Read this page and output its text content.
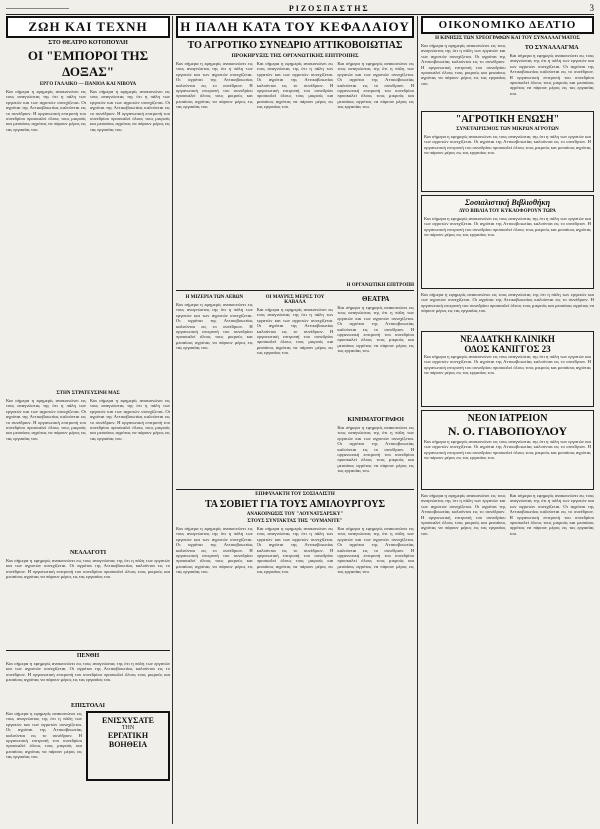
———————	ΡΙΖΟΣΠΑΣΤΗΣ	3
ΖΩΗ ΚΑΙ ΤΕΧΝΗ
ΣΤΟ ΘΕΑΤΡΟ ΚΟΤΟΠΟΥΛΗ
ΟΙ "ΕΜΠΟΡΟΙ ΤΗΣ ΔΟΞΑΣ"
ΕΡΓΟ ΓΑΛΛΙΚΟ — ΠΑΝΙΟΛ ΚΑΙ ΝΙΒΟΥΑ
Και σήμερα η εφημερίς ανακοινώνει εις τους αναγνώστας της ότι η πάλη των εργατών και των αγροτών συνεχίζεται. Οι αγρόται της Αττικοβοιωτίας καλούνται εις το συνέδριον. Η οργανωτική επιτροπή του συνεδρίου προσκαλεί όλους τους μικρούς και μεσαίους αγρότας να πάρουν μέρος εις τας εργασίας του.
Και σήμερα η εφημερίς ανακοινώνει εις τους αναγνώστας της ότι η πάλη των εργατών και των αγροτών συνεχίζεται. Οι αγρόται της Αττικοβοιωτίας καλούνται εις το συνέδριον. Η οργανωτική επιτροπή του συνεδρίου προσκαλεί όλους τους μικρούς και μεσαίους αγρότας να πάρουν μέρος εις τας εργασίας του.
ΣΤΗΝ ΣΤΡΑΤΕΥΣΙΝΗ ΜΑΣ
Και σήμερα η εφημερίς ανακοινώνει εις τους αναγνώστας της ότι η πάλη των εργατών και των αγροτών συνεχίζεται. Οι αγρόται της Αττικοβοιωτίας καλούνται εις το συνέδριον. Η οργανωτική επιτροπή του συνεδρίου προσκαλεί όλους τους μικρούς και μεσαίους αγρότας να πάρουν μέρος εις τας εργασίας του.
Και σήμερα η εφημερίς ανακοινώνει εις τους αναγνώστας της ότι η πάλη των εργατών και των αγροτών συνεχίζεται. Οι αγρόται της Αττικοβοιωτίας καλούνται εις το συνέδριον. Η οργανωτική επιτροπή του συνεδρίου προσκαλεί όλους τους μικρούς και μεσαίους αγρότας να πάρουν μέρος εις τας εργασίας του.
ΝΕΑΛΑΓΟΤΙ
Και σήμερα η εφημερίς ανακοινώνει εις τους αναγνώστας της ότι η πάλη των εργατών και των αγροτών συνεχίζεται. Οι αγρόται της Αττικοβοιωτίας καλούνται εις το συνέδριον. Η οργανωτική επιτροπή του συνεδρίου προσκαλεί όλους τους μικρούς και μεσαίους αγρότας να πάρουν μέρος εις τας εργασίας του.
ΠΕΝΘΗ
Και σήμερα η εφημερίς ανακοινώνει εις τους αναγνώστας της ότι η πάλη των εργατών και των αγροτών συνεχίζεται. Οι αγρόται της Αττικοβοιωτίας καλούνται εις το συνέδριον. Η οργανωτική επιτροπή του συνεδρίου προσκαλεί όλους τους μικρούς και μεσαίους αγρότας να πάρουν μέρος εις τας εργασίας του.
ΕΠΙΣΤΟΛΑΙ
Και σήμερα η εφημερίς ανακοινώνει εις τους αναγνώστας της ότι η πάλη των εργατών και των αγροτών συνεχίζεται. Οι αγρόται της Αττικοβοιωτίας καλούνται εις το συνέδριον. Η οργανωτική επιτροπή του συνεδρίου προσκαλεί όλους τους μικρούς και μεσαίους αγρότας να πάρουν μέρος εις τας εργασίας του.
ΕΝΙΣΧΥΣΑΤΕ
ΤΗΝ
ΕΡΓΑΤΙΚΗ
ΒΟΗΘΕΙΑ
Η ΠΑΛΗ ΚΑΤΑ ΤΟΥ ΚΕΦΑΛΑΙΟΥ
ΤΟ ΑΓΡΟΤΙΚΟ ΣΥΝΕΔΡΙΟ ΑΤΤΙΚΟΒΟΙΩΤΙΑΣ
ΠΡΟΚΗΡΥΞΙΣ ΤΗΣ ΟΡΓΑΝΩΤΙΚΗΣ ΕΠΙΤΡΟΠΗΣ
Και σήμερα η εφημερίς ανακοινώνει εις τους αναγνώστας της ότι η πάλη των εργατών και των αγροτών συνεχίζεται. Οι αγρόται της Αττικοβοιωτίας καλούνται εις το συνέδριον. Η οργανωτική επιτροπή του συνεδρίου προσκαλεί όλους τους μικρούς και μεσαίους αγρότας να πάρουν μέρος εις τας εργασίας του.
Και σήμερα η εφημερίς ανακοινώνει εις τους αναγνώστας της ότι η πάλη των εργατών και των αγροτών συνεχίζεται. Οι αγρόται της Αττικοβοιωτίας καλούνται εις το συνέδριον. Η οργανωτική επιτροπή του συνεδρίου προσκαλεί όλους τους μικρούς και μεσαίους αγρότας να πάρουν μέρος εις τας εργασίας του.
Και σήμερα η εφημερίς ανακοινώνει εις τους αναγνώστας της ότι η πάλη των εργατών και των αγροτών συνεχίζεται. Οι αγρόται της Αττικοβοιωτίας καλούνται εις το συνέδριον. Η οργανωτική επιτροπή του συνεδρίου προσκαλεί όλους τους μικρούς και μεσαίους αγρότας να πάρουν μέρος εις τας εργασίας του.
Η ΟΡΓΑΝΩΤΙΚΗ ΕΠΙΤΡΟΠΗ
Η ΜΙΖΕΡΙΑ ΤΩΝ ΛΕΒΩΝ
Και σήμερα η εφημερίς ανακοινώνει εις τους αναγνώστας της ότι η πάλη των εργατών και των αγροτών συνεχίζεται. Οι αγρόται της Αττικοβοιωτίας καλούνται εις το συνέδριον. Η οργανωτική επιτροπή του συνεδρίου προσκαλεί όλους τους μικρούς και μεσαίους αγρότας να πάρουν μέρος εις τας εργασίας του.
ΟΙ ΜΑΥΡΕΣ ΜΕΡΕΣ ΤΟΥ ΚΑΒΑΛΑ
Και σήμερα η εφημερίς ανακοινώνει εις τους αναγνώστας της ότι η πάλη των εργατών και των αγροτών συνεχίζεται. Οι αγρόται της Αττικοβοιωτίας καλούνται εις το συνέδριον. Η οργανωτική επιτροπή του συνεδρίου προσκαλεί όλους τους μικρούς και μεσαίους αγρότας να πάρουν μέρος εις τας εργασίας του.
ΘΕΑΤΡΑ
Και σήμερα η εφημερίς ανακοινώνει εις τους αναγνώστας της ότι η πάλη των εργατών και των αγροτών συνεχίζεται. Οι αγρόται της Αττικοβοιωτίας καλούνται εις το συνέδριον. Η οργανωτική επιτροπή του συνεδρίου προσκαλεί όλους τους μικρούς και μεσαίους αγρότας να πάρουν μέρος εις τας εργασίας του.
ΚΙΝΗΜΑΤΟΓΡΑΦΟΙ
Και σήμερα η εφημερίς ανακοινώνει εις τους αναγνώστας της ότι η πάλη των εργατών και των αγροτών συνεχίζεται. Οι αγρόται της Αττικοβοιωτίας καλούνται εις το συνέδριον. Η οργανωτική επιτροπή του συνεδρίου προσκαλεί όλους τους μικρούς και μεσαίους αγρότας να πάρουν μέρος εις τας εργασίας του.
ΕΠΙΦΥΛΑΚΤΗ ΤΟΥ ΣΟΣΙΑΛΙΣΤΗ
ΤΑ ΣΟΒΙΕΤ ΓΙΑ ΤΟΥΣ ΑΜΙΛΟΥΡΓΟΥΣ
ΑΝΑΚΟΙΝΩΣΙΣ ΤΟΥ "ΛΟΥΝΑΤΣΑΡΣΚΥ"
ΣΤΟΥΣ ΣΥΝΤΑΚΤΑΣ ΤΗΣ "ΟΥΜΑΝΙΤΕ"
Και σήμερα η εφημερίς ανακοινώνει εις τους αναγνώστας της ότι η πάλη των εργατών και των αγροτών συνεχίζεται. Οι αγρόται της Αττικοβοιωτίας καλούνται εις το συνέδριον. Η οργανωτική επιτροπή του συνεδρίου προσκαλεί όλους τους μικρούς και μεσαίους αγρότας να πάρουν μέρος εις τας εργασίας του.
Και σήμερα η εφημερίς ανακοινώνει εις τους αναγνώστας της ότι η πάλη των εργατών και των αγροτών συνεχίζεται. Οι αγρόται της Αττικοβοιωτίας καλούνται εις το συνέδριον. Η οργανωτική επιτροπή του συνεδρίου προσκαλεί όλους τους μικρούς και μεσαίους αγρότας να πάρουν μέρος εις τας εργασίας του.
Και σήμερα η εφημερίς ανακοινώνει εις τους αναγνώστας της ότι η πάλη των εργατών και των αγροτών συνεχίζεται. Οι αγρόται της Αττικοβοιωτίας καλούνται εις το συνέδριον. Η οργανωτική επιτροπή του συνεδρίου προσκαλεί όλους τους μικρούς και μεσαίους αγρότας να πάρουν μέρος εις τας εργασίας του.
ΟΙΚΟΝΟΜΙΚΟ ΔΕΛΤΙΟ
Η ΚΙΝΗΣΙΣ ΤΩΝ ΧΡΕΟΓΡΑΦΩΝ ΚΑΙ ΤΟΥ ΣΥΝΑΛΛΑΓΜΑΤΟΣ
Και σήμερα η εφημερίς ανακοινώνει εις τους αναγνώστας της ότι η πάλη των εργατών και των αγροτών συνεχίζεται. Οι αγρόται της Αττικοβοιωτίας καλούνται εις το συνέδριον. Η οργανωτική επιτροπή του συνεδρίου προσκαλεί όλους τους μικρούς και μεσαίους αγρότας να πάρουν μέρος εις τας εργασίας του.
ΤΟ ΣΥΝΑΛΛΑΓΜΑ
Και σήμερα η εφημερίς ανακοινώνει εις τους αναγνώστας της ότι η πάλη των εργατών και των αγροτών συνεχίζεται. Οι αγρόται της Αττικοβοιωτίας καλούνται εις το συνέδριον. Η οργανωτική επιτροπή του συνεδρίου προσκαλεί όλους τους μικρούς και μεσαίους αγρότας να πάρουν μέρος εις τας εργασίας του.
"ΑΓΡΟΤΙΚΗ ΕΝΩΣΗ"
ΣΥΝΕΤΑΙΡΙΣΜΟΣ ΤΩΝ ΜΙΚΡΩΝ ΑΓΡΟΤΩΝ
Και σήμερα η εφημερίς ανακοινώνει εις τους αναγνώστας της ότι η πάλη των εργατών και των αγροτών συνεχίζεται. Οι αγρόται της Αττικοβοιωτίας καλούνται εις το συνέδριον. Η οργανωτική επιτροπή του συνεδρίου προσκαλεί όλους τους μικρούς και μεσαίους αγρότας να πάρουν μέρος εις τας εργασίας του.
Σοσιαλιστική Βιβλιοθήκη
ΔΥΟ ΒΙΒΛΙΑ ΤΟΥ ΚΥΚΛΟΦΟΡΟΥΝ ΤΩΡΑ
Και σήμερα η εφημερίς ανακοινώνει εις τους αναγνώστας της ότι η πάλη των εργατών και των αγροτών συνεχίζεται. Οι αγρόται της Αττικοβοιωτίας καλούνται εις το συνέδριον. Η οργανωτική επιτροπή του συνεδρίου προσκαλεί όλους τους μικρούς και μεσαίους αγρότας να πάρουν μέρος εις τας εργασίας του.
Και σήμερα η εφημερίς ανακοινώνει εις τους αναγνώστας της ότι η πάλη των εργατών και των αγροτών συνεχίζεται. Οι αγρόται της Αττικοβοιωτίας καλούνται εις το συνέδριον. Η οργανωτική επιτροπή του συνεδρίου προσκαλεί όλους τους μικρούς και μεσαίους αγρότας να πάρουν μέρος εις τας εργασίας του.
ΝΕΑ ΔΑΤΚΗ ΚΛΙΝΙΚΗ
ΟΔΟΣ ΚΑΝΙΓΓΟΣ 23
Και σήμερα η εφημερίς ανακοινώνει εις τους αναγνώστας της ότι η πάλη των εργατών και των αγροτών συνεχίζεται. Οι αγρόται της Αττικοβοιωτίας καλούνται εις το συνέδριον. Η οργανωτική επιτροπή του συνεδρίου προσκαλεί όλους τους μικρούς και μεσαίους αγρότας να πάρουν μέρος εις τας εργασίας του.
ΝΕΟΝ ΙΑΤΡΕΙΟΝ
Ν. Ο. ΓΙΑΒΟΠΟΥΛΟΥ
Και σήμερα η εφημερίς ανακοινώνει εις τους αναγνώστας της ότι η πάλη των εργατών και των αγροτών συνεχίζεται. Οι αγρόται της Αττικοβοιωτίας καλούνται εις το συνέδριον. Η οργανωτική επιτροπή του συνεδρίου προσκαλεί όλους τους μικρούς και μεσαίους αγρότας να πάρουν μέρος εις τας εργασίας του.
Και σήμερα η εφημερίς ανακοινώνει εις τους αναγνώστας της ότι η πάλη των εργατών και των αγροτών συνεχίζεται. Οι αγρόται της Αττικοβοιωτίας καλούνται εις το συνέδριον. Η οργανωτική επιτροπή του συνεδρίου προσκαλεί όλους τους μικρούς και μεσαίους αγρότας να πάρουν μέρος εις τας εργασίας του.
Και σήμερα η εφημερίς ανακοινώνει εις τους αναγνώστας της ότι η πάλη των εργατών και των αγροτών συνεχίζεται. Οι αγρόται της Αττικοβοιωτίας καλούνται εις το συνέδριον. Η οργανωτική επιτροπή του συνεδρίου προσκαλεί όλους τους μικρούς και μεσαίους αγρότας να πάρουν μέρος εις τας εργασίας του.
